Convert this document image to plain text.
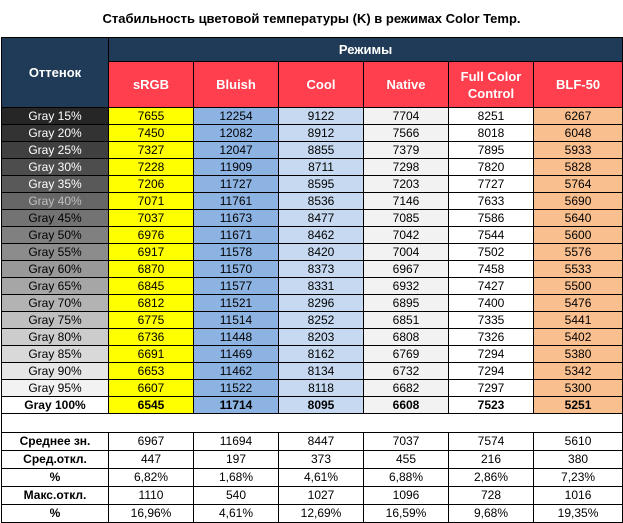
Стабильность цветовой температуры (K) в режимах Color Temp.
Оттенок	Режимы					
	sRGB	Bluish	Cool	Native	Full Color Control	BLF-50
Gray 15%	7655	12254	9122	7704	8251	6267
Gray 20%	7450	12082	8912	7566	8018	6048
Gray 25%	7327	12047	8855	7379	7895	5933
Gray 30%	7228	11909	8711	7298	7820	5828
Gray 35%	7206	11727	8595	7203	7727	5764
Gray 40%	7071	11761	8536	7146	7633	5690
Gray 45%	7037	11673	8477	7085	7586	5640
Gray 50%	6976	11671	8462	7042	7544	5600
Gray 55%	6917	11578	8420	7004	7502	5576
Gray 60%	6870	11570	8373	6967	7458	5533
Gray 65%	6845	11577	8331	6932	7427	5500
Gray 70%	6812	11521	8296	6895	7400	5476
Gray 75%	6775	11514	8252	6851	7335	5441
Gray 80%	6736	11448	8203	6808	7326	5402
Gray 85%	6691	11469	8162	6769	7294	5380
Gray 90%	6653	11462	8134	6732	7294	5342
Gray 95%	6607	11522	8118	6682	7297	5300
Gray 100%	6545	11714	8095	6608	7523	5251

Среднее зн.	6967	11694	8447	7037	7574	5610
Сред.откл.	447	197	373	455	216	380
%	6,82%	1,68%	4,61%	6,88%	2,86%	7,23%
Макс.откл.	1110	540	1027	1096	728	1016
%	16,96%	4,61%	12,69%	16,59%	9,68%	19,35%
